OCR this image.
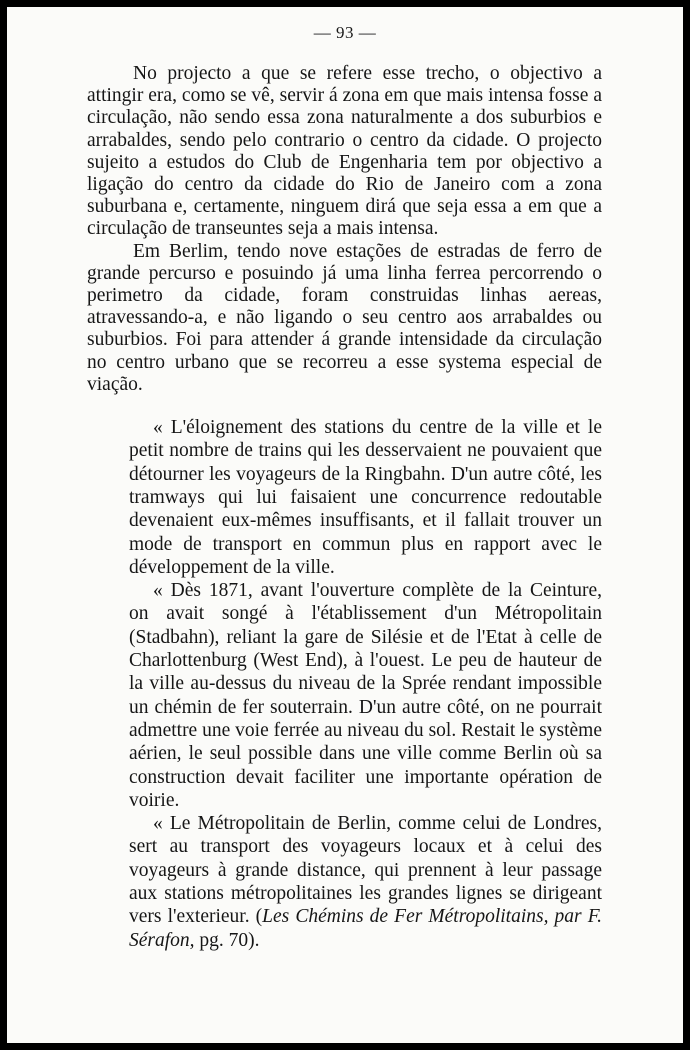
— 93 —

No projecto a que se refere esse trecho, o objectivo a attingir era, como se vê, servir á zona em que mais intensa fosse a circulação, não sendo essa zona naturalmente a dos suburbios e arrabaldes, sendo pelo contrario o centro da cidade. O projecto sujeito a estudos do Club de Engenharia tem por objectivo a ligação do centro da cidade do Rio de Janeiro com a zona suburbana e, certamente, ninguem dirá que seja essa a em que a circulação de transeuntes seja a mais intensa.

Em Berlim, tendo nove estações de estradas de ferro de grande percurso e posuindo já uma linha ferrea percorrendo o perimetro da cidade, foram construidas linhas aereas, atravessando-a, e não ligando o seu centro aos arrabaldes ou suburbios. Foi para attender á grande intensidade da circulação no centro urbano que se recorreu a esse systema especial de viação.

« L'éloignement des stations du centre de la ville et le petit nombre de trains qui les desservaient ne pouvaient que détourner les voyageurs de la Ringbahn. D'un autre côté, les tramways qui lui faisaient une concurrence redoutable devenaient eux-mêmes insuffisants, et il fallait trouver un mode de transport en commun plus en rapport avec le développement de la ville.

« Dès 1871, avant l'ouverture complète de la Ceinture, on avait songé à l'établissement d'un Métropolitain (Stadbahn), reliant la gare de Silésie et de l'Etat à celle de Charlottenburg (West End), à l'ouest. Le peu de hauteur de la ville au-dessus du niveau de la Sprée rendant impossible un chémin de fer souterrain. D'un autre côté, on ne pourrait admettre une voie ferrée au niveau du sol. Restait le système aérien, le seul possible dans une ville comme Berlin où sa construction devait faciliter une importante opération de voirie.

« Le Métropolitain de Berlin, comme celui de Londres, sert au transport des voyageurs locaux et à celui des voyageurs à grande distance, qui prennent à leur passage aux stations métropolitaines les grandes lignes se dirigeant vers l'exterieur. (Les Chémins de Fer Métropolitains, par F. Sérafon, pg. 70).
